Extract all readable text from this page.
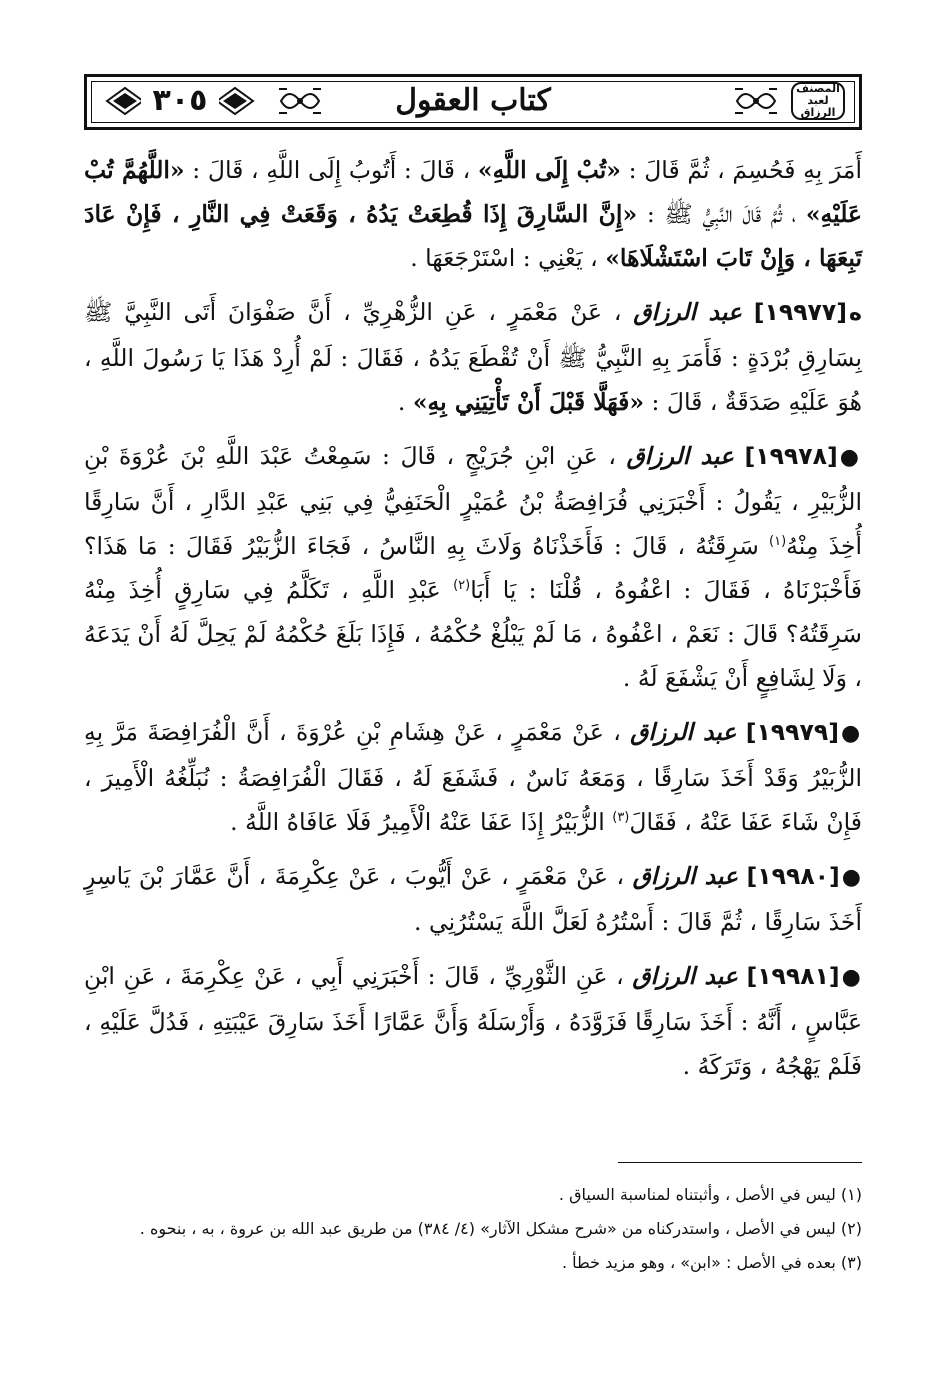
المصنف
لعبد الرزاق
كتاب العقول
٣٠٥

أَمَرَ بِهِ فَحُسِمَ ، ثُمَّ قَالَ : «تُبْ إِلَى اللَّهِ» ، قَالَ : أَتُوبُ إِلَى اللَّهِ ، قَالَ : «اللَّهُمَّ تُبْ عَلَيْهِ» ، ثُمَّ قَالَ النَّبِيُّ ﷺ : «إِنَّ السَّارِقَ إِذَا قُطِعَتْ يَدُهُ ، وَقَعَتْ فِي النَّارِ ، فَإِنْ عَادَ تَبِعَهَا ، وَإِنْ تَابَ اسْتَشْلَاهَا» ، يَعْنِي : اسْتَرْجَعَهَا .

ه[١٩٩٧٧] عبد الرزاق ، عَنْ مَعْمَرٍ ، عَنِ الزُّهْرِيِّ ، أَنَّ صَفْوَانَ أَتَى النَّبِيَّ ﷺ بِسَارِقِ بُرْدَةٍ : فَأَمَرَ بِهِ النَّبِيُّ ﷺ أَنْ تُقْطَعَ يَدُهُ ، فَقَالَ : لَمْ أُرِدْ هَذَا يَا رَسُولَ اللَّهِ ، هُوَ عَلَيْهِ صَدَقَةٌ ، قَالَ : «فَهَلَّا قَبْلَ أَنْ تَأْتِيَنِي بِهِ» .

●[١٩٩٧٨] عبد الرزاق ، عَنِ ابْنِ جُرَيْجٍ ، قَالَ : سَمِعْتُ عَبْدَ اللَّهِ بْنَ عُرْوَةَ بْنِ الزُّبَيْرِ ، يَقُولُ : أَخْبَرَنِي فُرَافِصَةُ بْنُ عُمَيْرٍ الْحَنَفِيُّ فِي بَنِي عَبْدِ الدَّارِ ، أَنَّ سَارِقًا أُخِذَ مِنْهُ$^{(١)}$ سَرِقَتُهُ ، قَالَ : فَأَخَذْنَاهُ وَلَاثَ بِهِ النَّاسُ ، فَجَاءَ الزُّبَيْرُ فَقَالَ : مَا هَذَا؟ فَأَخْبَرْنَاهُ ، فَقَالَ : اعْفُوهُ ، قُلْنَا : يَا أَبَا$^{(٢)}$ عَبْدِ اللَّهِ ، تَكَلَّمُ فِي سَارِقٍ أُخِذَ مِنْهُ سَرِقَتُهُ؟ قَالَ : نَعَمْ ، اعْفُوهُ ، مَا لَمْ يَبْلُغْ حُكْمُهُ ، فَإِذَا بَلَغَ حُكْمُهُ لَمْ يَحِلَّ لَهُ أَنْ يَدَعَهُ ، وَلَا لِشَافِعٍ أَنْ يَشْفَعَ لَهُ .

●[١٩٩٧٩] عبد الرزاق ، عَنْ مَعْمَرٍ ، عَنْ هِشَامِ بْنِ عُرْوَةَ ، أَنَّ الْفُرَافِصَةَ مَرَّ بِهِ الزُّبَيْرُ وَقَدْ أَخَذَ سَارِقًا ، وَمَعَهُ نَاسٌ ، فَشَفَعَ لَهُ ، فَقَالَ الْفُرَافِصَةُ : نُبَلِّغُهُ الْأَمِيرَ ، فَإِنْ شَاءَ عَفَا عَنْهُ ، فَقَالَ$^{(٣)}$ الزُّبَيْرُ إِذَا عَفَا عَنْهُ الْأَمِيرُ فَلَا عَافَاهُ اللَّهُ .

●[١٩٩٨٠] عبد الرزاق ، عَنْ مَعْمَرٍ ، عَنْ أَيُّوبَ ، عَنْ عِكْرِمَةَ ، أَنَّ عَمَّارَ بْنَ يَاسِرٍ أَخَذَ سَارِقًا ، ثُمَّ قَالَ : أَسْتُرُهُ لَعَلَّ اللَّهَ يَسْتُرُنِي .

●[١٩٩٨١] عبد الرزاق ، عَنِ الثَّوْرِيِّ ، قَالَ : أَخْبَرَنِي أَبِي ، عَنْ عِكْرِمَةَ ، عَنِ ابْنِ عَبَّاسٍ ، أَنَّهُ : أَخَذَ سَارِقًا فَزَوَّدَهُ ، وَأَرْسَلَهُ وَأَنَّ عَمَّارًا أَخَذَ سَارِقَ عَيْبَتِهِ ، فَدُلَّ عَلَيْهِ ، فَلَمْ يَهْجُهُ ، وَتَرَكَهُ .

(١) ليس في الأصل ، وأثبتناه لمناسبة السياق .

(٢) ليس في الأصل ، واستدركناه من «شرح مشكل الآثار» (٤/ ٣٨٤) من طريق عبد الله بن عروة ، به ، بنحوه .

(٣) بعده في الأصل : «ابن» ، وهو مزيد خطأ .
